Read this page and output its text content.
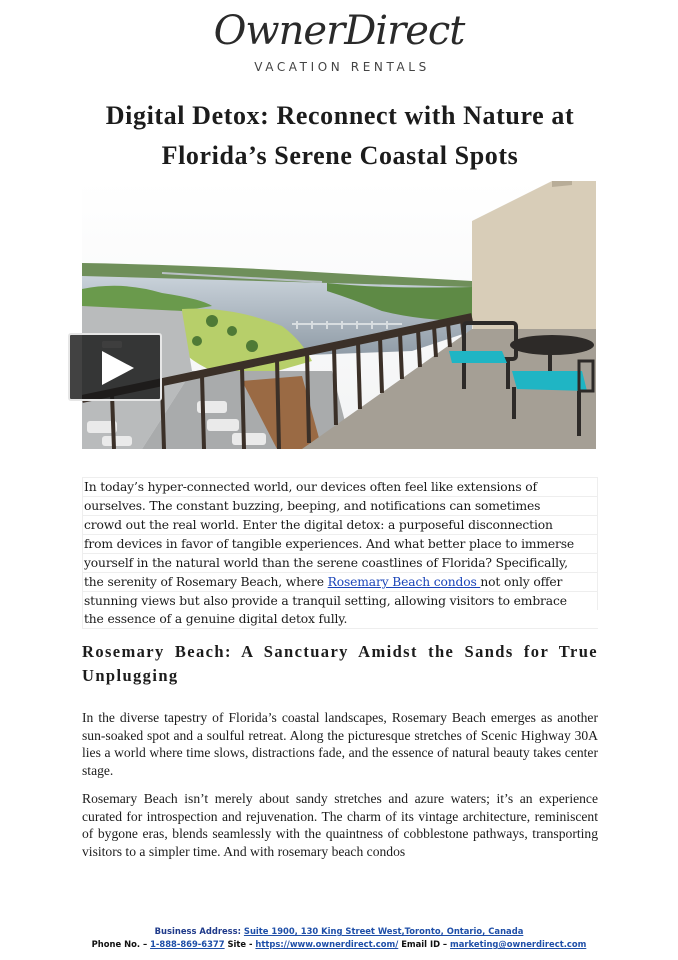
OwnerDirect
VACATION RENTALS
Digital Detox: Reconnect with Nature at
Florida’s Serene Coastal Spots

In today’s hyper-connected world, our devices often feel like extensions of
ourselves. The constant buzzing, beeping, and notifications can sometimes
crowd out the real world. Enter the digital detox: a purposeful disconnection
from devices in favor of tangible experiences. And what better place to immerse
yourself in the natural world than the serene coastlines of Florida? Specifically,
the serenity of Rosemary Beach, where Rosemary Beach condos not only offer
stunning views but also provide a tranquil setting, allowing visitors to embrace
the essence of a genuine digital detox fully.

Rosemary Beach: A Sanctuary Amidst the Sands for True Unplugging

In the diverse tapestry of Florida’s coastal landscapes, Rosemary Beach emerges as another sun-soaked spot and a soulful retreat. Along the picturesque stretches of Scenic Highway 30A lies a world where time slows, distractions fade, and the essence of natural beauty takes center stage.

Rosemary Beach isn’t merely about sandy stretches and azure waters; it’s an experience curated for introspection and rejuvenation. The charm of its vintage architecture, reminiscent of bygone eras, blends seamlessly with the quaintness of cobblestone pathways, transporting visitors to a simpler time. And with rosemary beach condos

Business Address: Suite 1900, 130 King Street West,Toronto, Ontario, Canada
Phone No. – 1-888-869-6377 Site - https://www.ownerdirect.com/ Email ID – marketing@ownerdirect.com
